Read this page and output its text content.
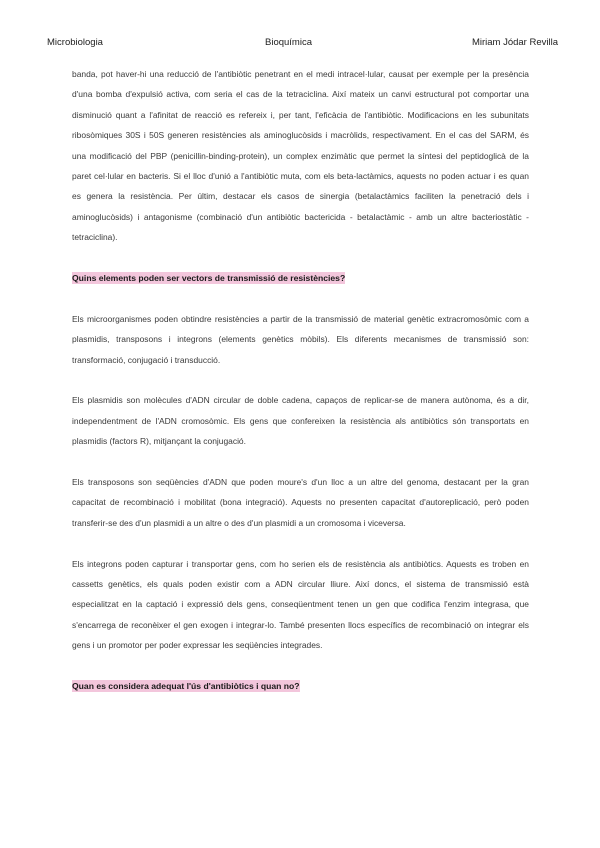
Microbiologia	Bioquímica	Miriam Jódar Revilla

banda, pot haver-hi una reducció de l'antibiòtic penetrant en el medi intracel·lular, causat per exemple per la presència d'una bomba d'expulsió activa, com seria el cas de la tetraciclina. Així mateix un canvi estructural pot comportar una disminució quant a l'afinitat de reacció es refereix i, per tant, l'eficàcia de l'antibiòtic. Modificacions en les subunitats ribosòmiques 30S i 50S generen resistències als aminoglucòsids i macròlids, respectivament. En el cas del SARM, és una modificació del PBP (penicillin-binding-protein), un complex enzimàtic que permet la síntesi del peptidoglicà de la paret cel·lular en bacteris. Si el lloc d'unió a l'antibiòtic muta, com els beta-lactàmics, aquests no poden actuar i es quan es genera la resistència. Per últim, destacar els casos de sinergia (betalactàmics faciliten la penetració dels i aminoglucòsids) i antagonisme (combinació d'un antibiòtic bactericida - betalactàmic - amb un altre bacteriostàtic - tetraciclina).

Quins elements poden ser vectors de transmissió de resistències?

Els microorganismes poden obtindre resistències a partir de la transmissió de material genètic extracromosòmic com a plasmidis, transposons i integrons (elements genètics mòbils). Els diferents mecanismes de transmissió son: transformació, conjugació i transducció.

Els plasmidis son molècules d'ADN circular de doble cadena, capaços de replicar-se de manera autònoma, és a dir, independentment de l'ADN cromosòmic. Els gens que confereixen la resistència als antibiòtics són transportats en plasmidis (factors R), mitjançant la conjugació.

Els transposons son seqüències d'ADN que poden moure's d'un lloc a un altre del genoma, destacant per la gran capacitat de recombinació i mobilitat (bona integració). Aquests no presenten capacitat d'autoreplicació, però poden transferir-se des d'un plasmidi a un altre o des d'un plasmidi a un cromosoma i viceversa.

Els integrons poden capturar i transportar gens, com ho serien els de resistència als antibiòtics. Aquests es troben en cassetts genètics, els quals poden existir com a ADN circular lliure. Així doncs, el sistema de transmissió està especialitzat en la captació i expressió dels gens, conseqüentment tenen un gen que codifica l'enzim integrasa, que s'encarrega de reconèixer el gen exogen i integrar-lo. També presenten llocs específics de recombinació on integrar els gens i un promotor per poder expressar les seqüències integrades.

Quan es considera adequat l'ús d'antibiòtics i quan no?
